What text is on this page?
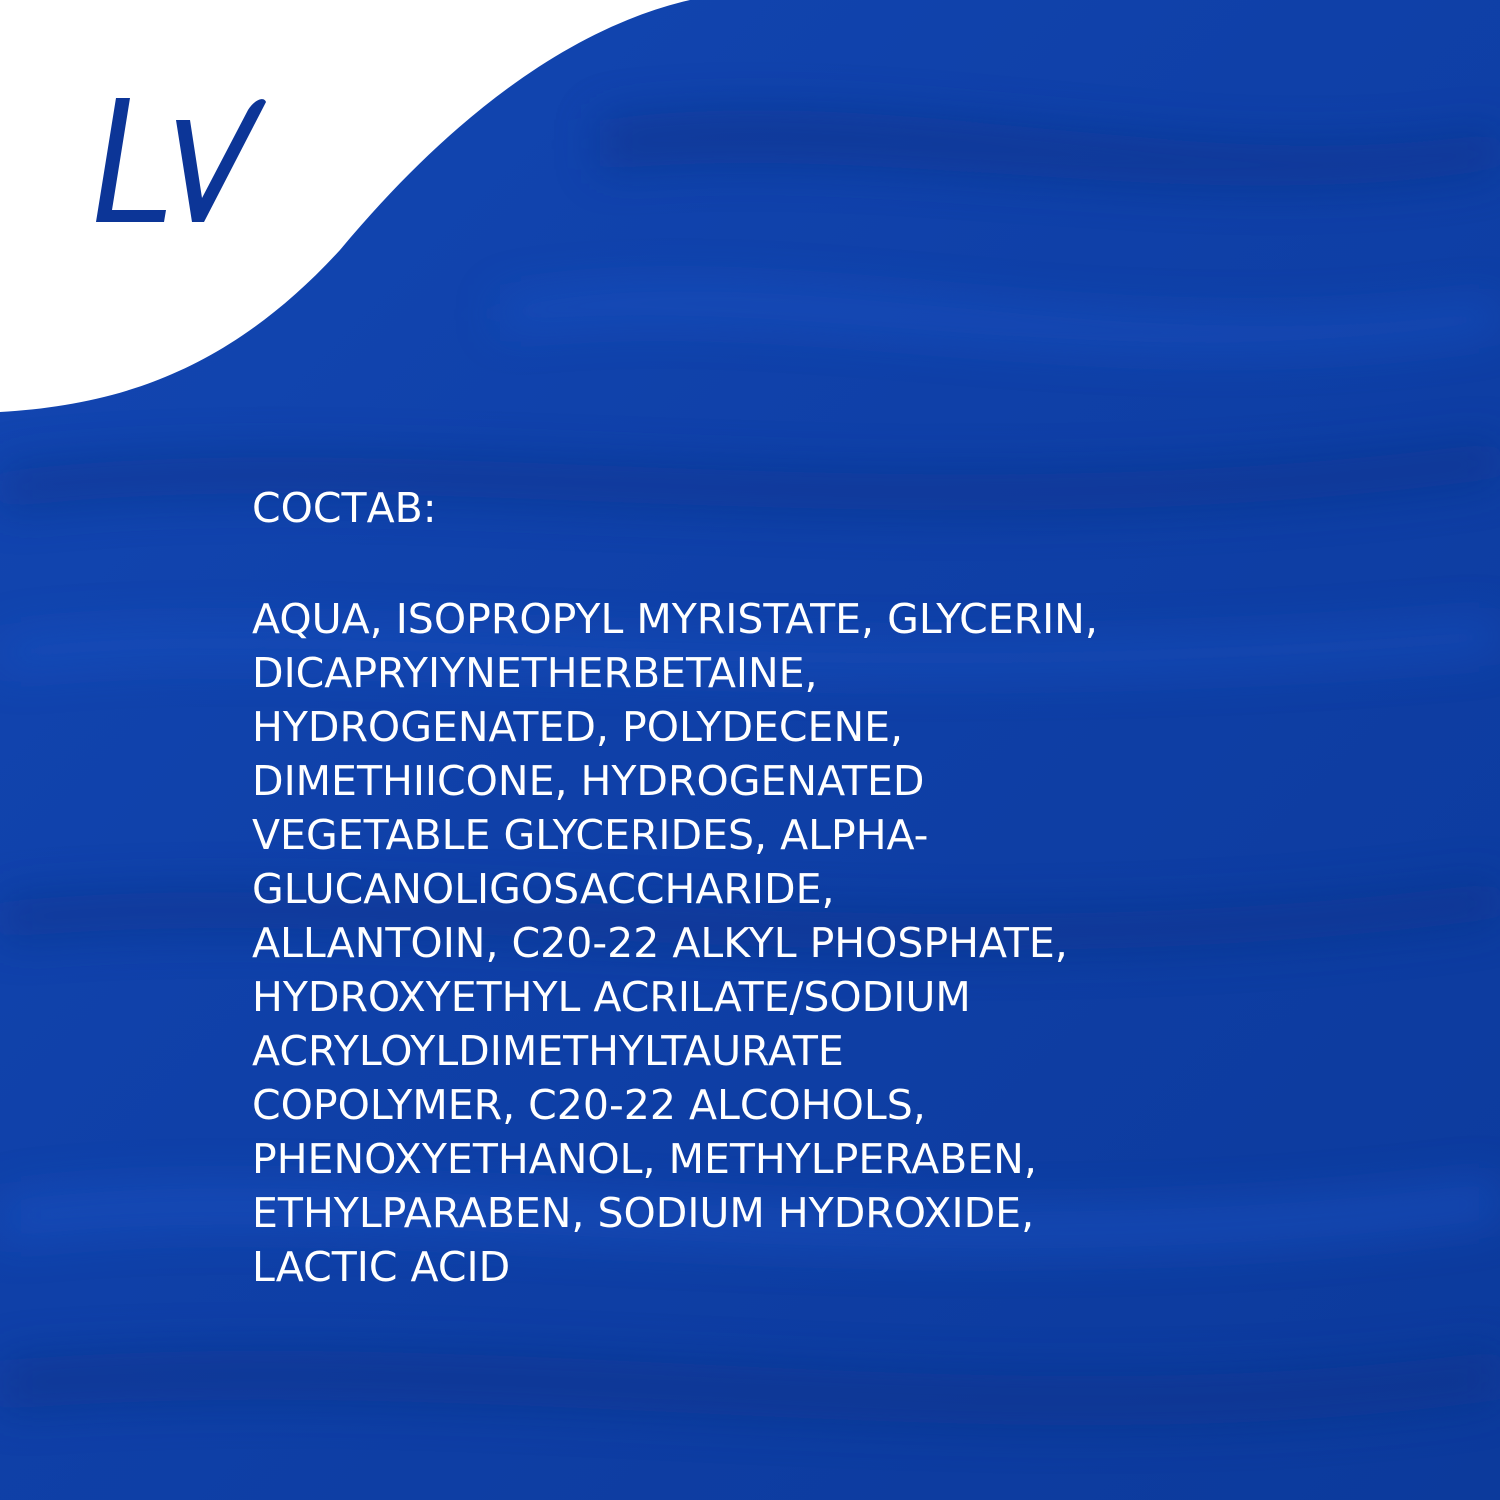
СОСТАВ:
AQUA, ISOPROPYL MYRISTATE, GLYCERIN,
DICAPRYIYNETHERBETAINE,
HYDROGENATED, POLYDECENE,
DIMETHIICONE, HYDROGENATED
VEGETABLE GLYCERIDES, ALPHA-
GLUCANOLIGOSACCHARIDE,
ALLANTOIN, C20-22 ALKYL PHOSPHATE,
HYDROXYETHYL ACRILATE/SODIUM
ACRYLOYLDIMETHYLTAURATE
COPOLYMER, C20-22 ALCOHOLS,
PHENOXYETHANOL, METHYLPERABEN,
ETHYLPARABEN, SODIUM HYDROXIDE,
LACTIC ACID
